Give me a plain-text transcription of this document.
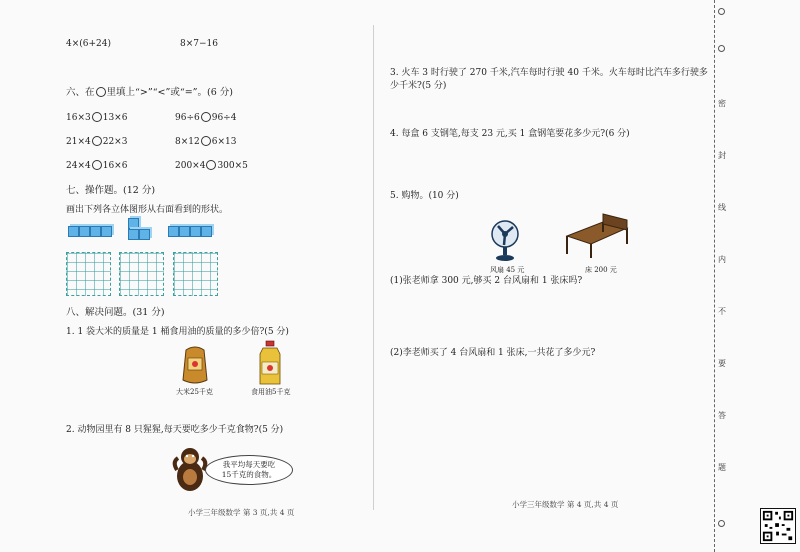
4×(6+24)	8×7−16
六、在 里填上“>”“<”或“=”。(6 分)
16×3 13×6	96÷6 96÷4
21×4 22×3	8×12 6×13
24×4 16×6	200×4 300×5
七、操作题。(12 分)
画出下列各立体图形从右面看到的形状。
八、解决问题。(31 分)
1. 1 袋大米的质量是 1 桶食用油的质量的多少倍?(5 分)
大米25千克	食用油5千克
2. 动物园里有 8 只猩猩,每天要吃多少千克食物?(5 分)
我平均每天要吃
15千克的食物。
小学三年级数学 第 3 页,共 4 页
3. 火车 3 时行驶了 270 千米,汽车每时行驶 40 千米。火车每时比汽车多行驶多
少千米?(5 分)
4. 每盒 6 支钢笔,每支 23 元,买 1 盒钢笔要花多少元?(6 分)
5. 购物。(10 分)
风扇 45 元	床 200 元
(1)张老师拿 300 元,够买 2 台风扇和 1 张床吗?
(2)李老师买了 4 台风扇和 1 张床,一共花了多少元?
小学三年级数学 第 4 页,共 4 页
密
封
线
内
不
要
答
题
